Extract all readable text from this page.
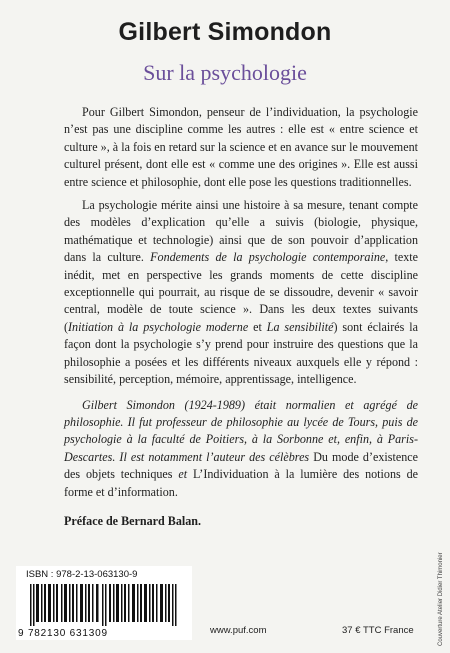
Gilbert Simondon
Sur la psychologie

Pour Gilbert Simondon, penseur de l’individuation, la psychologie n’est pas une discipline comme les autres : elle est « entre science et culture », à la fois en retard sur la science et en avance sur le mouvement culturel présent, dont elle est « comme une des origines ». Elle est aussi entre science et philosophie, dont elle pose les questions traditionnelles.

La psychologie mérite ainsi une histoire à sa mesure, tenant compte des modèles d’explication qu’elle a suivis (biologie, physique, mathématique et technologie) ainsi que de son pouvoir d’application dans la culture. Fondements de la psychologie contemporaine, texte inédit, met en perspective les grands moments de cette discipline exceptionnelle qui pourrait, au risque de se dissoudre, devenir « savoir central, modèle de toute science ». Dans les deux textes suivants (Initiation à la psychologie moderne et La sensibilité) sont éclairés la façon dont la psychologie s’y prend pour instruire des questions que la philosophie a posées et les différents niveaux auxquels elle y répond : sensibilité, perception, mémoire, apprentissage, intelligence.

Gilbert Simondon (1924-1989) était normalien et agrégé de philosophie. Il fut professeur de philosophie au lycée de Tours, puis de psychologie à la faculté de Poitiers, à la Sorbonne et, enfin, à Paris-Descartes. Il est notamment l’auteur des célèbres Du mode d’existence des objets techniques et L’Individuation à la lumière des notions de forme et d’information.

Préface de Bernard Balan.

ISBN : 978-2-13-063130-9
9 782130 631309	www.puf.com	37 € TTC France	Couverture Atelier Didier Thimonier
